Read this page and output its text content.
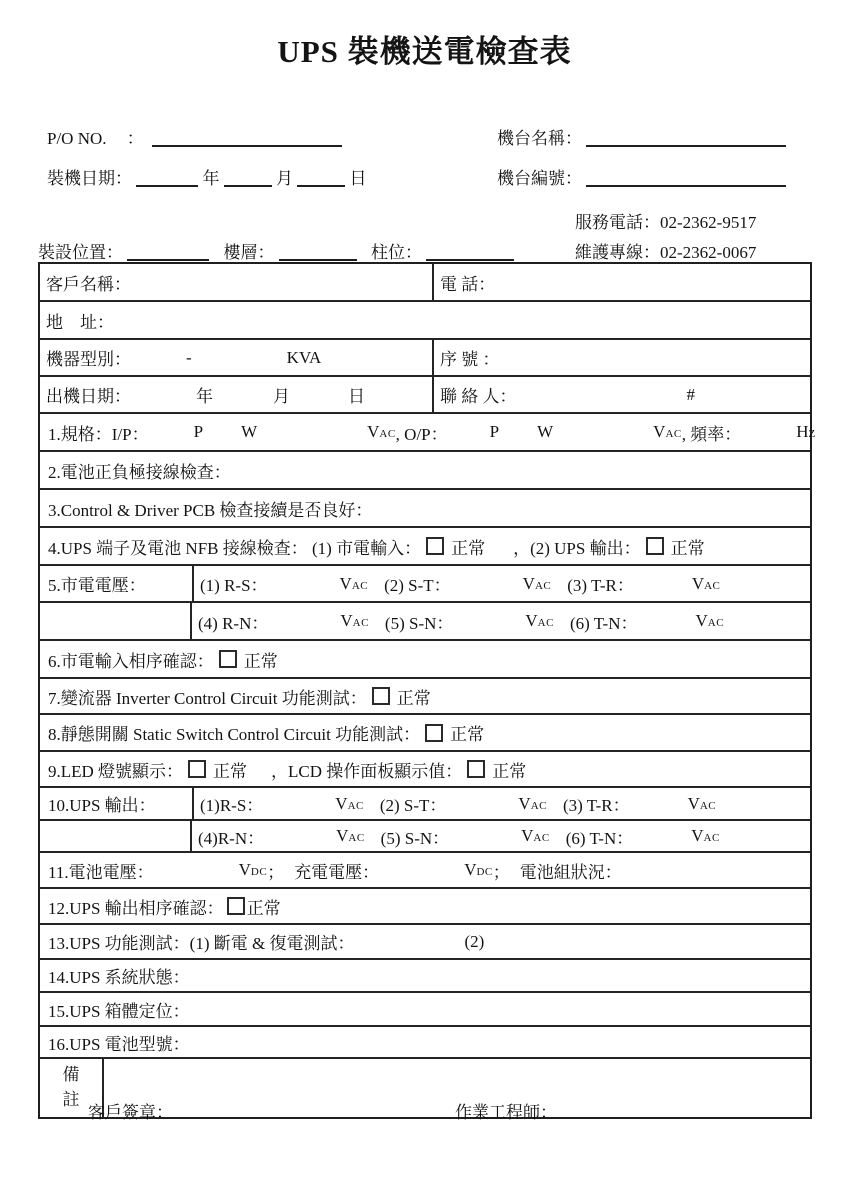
UPS 裝機送電檢查表
P/O NO. ：	機台名稱：
裝機日期：	年	月	日	機台編號：
服務電話：02-2362-9517
維護專線：02-2362-0067
裝設位置：	樓層：	柱位：
客戶名稱：	電 話：
地　址：
機器型別：	-	KVA	序 號 ：
出機日期：	年	月	日	聯 絡 人：	#
1.規格：I/P：	P W	VAC , O/P： P W	VAC , 頻率：	HZ
2.電池正負極接線檢查：
3.Control & Driver PCB 檢查接續是否良好：
4.UPS 端子及電池 NFB 接線檢查： (1) 市電輸入： 正常 ，(2) UPS 輸出： 正常
5.市電電壓：	(1) R-S：	VAC (2) S-T：	VAC (3) T-R：	VAC
(4) R-N：	VAC (5) S-N：	VAC (6) T-N：	VAC
6.市電輸入相序確認： 正常
7.變流器 Inverter Control Circuit 功能測試： 正常
8.靜態開關 Static Switch Control Circuit 功能測試： 正常
9.LED 燈號顯示： 正常 ，LCD 操作面板顯示值： 正常
10.UPS 輸出：	(1)R-S：	VAC (2) S-T：	VAC (3) T-R：	VAC
(4)R-N：	VAC (5) S-N：	VAC (6) T-N：	VAC
11.電池電壓：	VDC ； 充電電壓：	VDC ； 電池組狀況：
12.UPS 輸出相序確認： 正常
13.UPS 功能測試：(1) 斷電 & 復電測試：	(2)
14.UPS 系統狀態：
15.UPS 箱體定位：
16.UPS 電池型號：
備
註
客戶簽章：	作業工程師：
